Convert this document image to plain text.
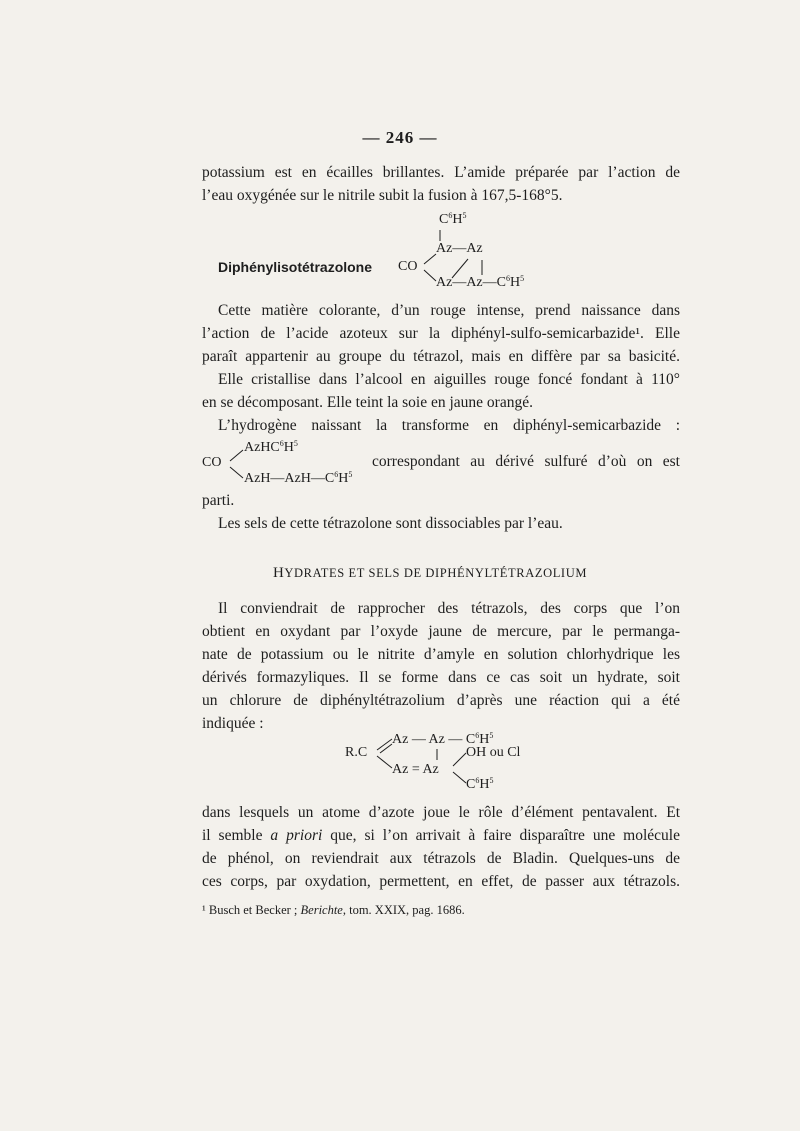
— 246 —
potassium est en écailles brillantes. L’amide préparée par l’action de
l’eau oxygénée sur le nitrile subit la fusion à 167,5-168°5.
$C^6H^5$
Az—Az
Diphénylisotétrazolone CO
$Az—Az—C^6H^5$
Cette matière colorante, d’un rouge intense, prend naissance dans
l’action de l’acide azoteux sur la diphényl-sulfo-semicarbazide¹. Elle
paraît appartenir au groupe du tétrazol, mais en diffère par sa basicité.
Elle cristallise dans l’alcool en aiguilles rouge foncé fondant à 110°
en se décomposant. Elle teint la soie en jaune orangé.
L’hydrogène naissant la transforme en diphényl-semicarbazide :
$AzHC^6H^5$
CO	correspondant au dérivé sulfuré d’où on est
$AzH—AzH—C^6H^5$
parti.
Les sels de cette tétrazolone sont dissociables par l’eau.
HYDRATES ET SELS DE DIPHÉNYLTÉTRAZOLIUM
Il conviendrait de rapprocher des tétrazols, des corps que l’on
obtient en oxydant par l’oxyde jaune de mercure, par le permanga-
nate de potassium ou le nitrite d’amyle en solution chlorhydrique les
dérivés formazyliques. Il se forme dans ce cas soit un hydrate, soit
un chlorure de diphényltétrazolium d’après une réaction qui a été
indiquée :
Az — Az — $C^6H^5$
R.C	OH ou Cl
Az = Az
$C^6H^5$
dans lesquels un atome d’azote joue le rôle d’élément pentavalent. Et
il semble a priori que, si l’on arrivait à faire disparaître une molécule
de phénol, on reviendrait aux tétrazols de Bladin. Quelques-uns de
ces corps, par oxydation, permettent, en effet, de passer aux tétrazols.
¹ Busch et Becker ; Berichte, tom. XXIX, pag. 1686.
